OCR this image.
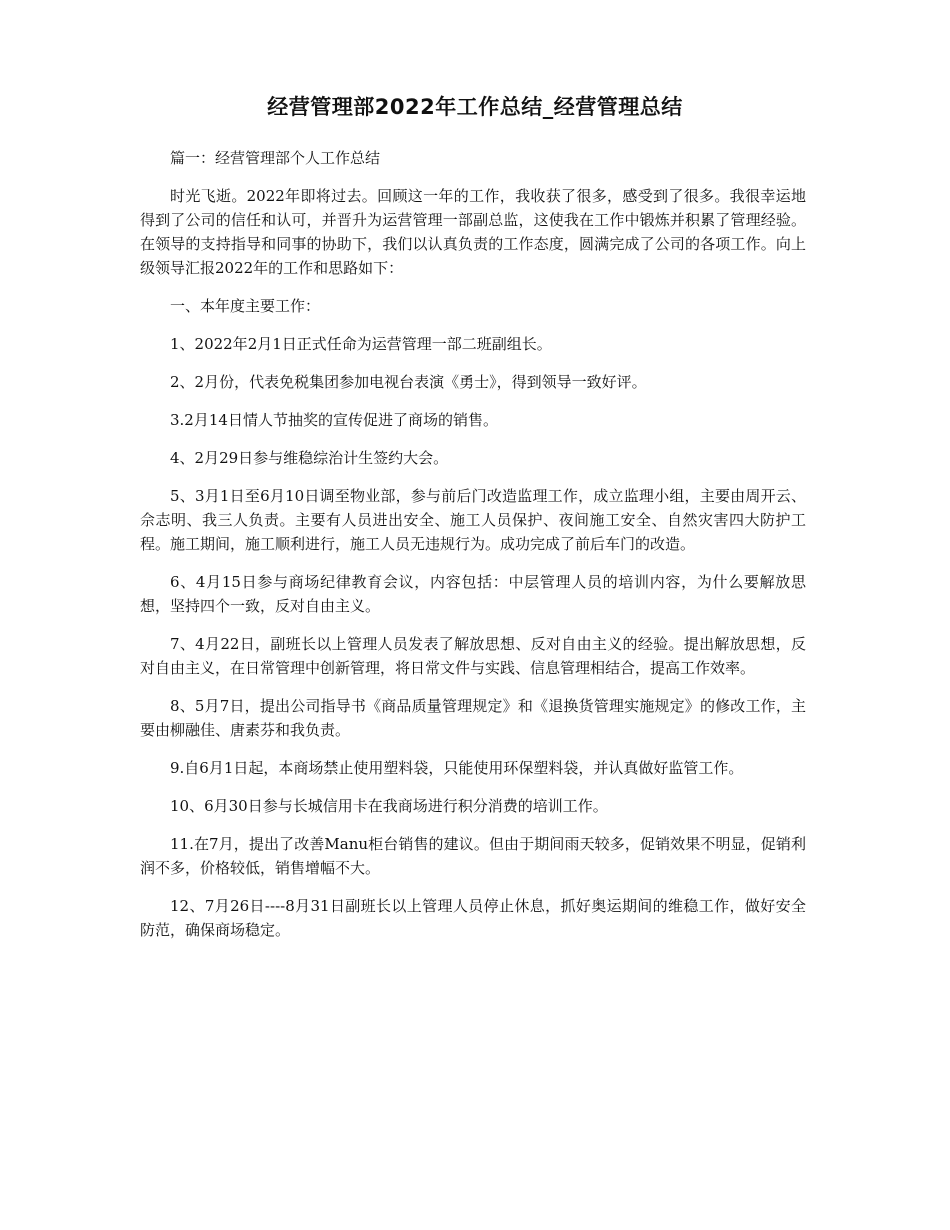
经营管理部2022年工作总结_经营管理总结

篇一：经营管理部个人工作总结

时光飞逝。2022年即将过去。回顾这一年的工作，我收获了很多，感受到了很多。我很幸运地得到了公司的信任和认可，并晋升为运营管理一部副总监，这使我在工作中锻炼并积累了管理经验。在领导的支持指导和同事的协助下，我们以认真负责的工作态度，圆满完成了公司的各项工作。向上级领导汇报2022年的工作和思路如下：

一、本年度主要工作：

1、2022年2月1日正式任命为运营管理一部二班副组长。

2、2月份，代表免税集团参加电视台表演《勇士》，得到领导一致好评。

3.2月14日情人节抽奖的宣传促进了商场的销售。

4、2月29日参与维稳综治计生签约大会。

5、3月1日至6月10日调至物业部，参与前后门改造监理工作，成立监理小组，主要由周开云、佘志明、我三人负责。主要有人员进出安全、施工人员保护、夜间施工安全、自然灾害四大防护工程。施工期间，施工顺利进行，施工人员无违规行为。成功完成了前后车门的改造。

6、4月15日参与商场纪律教育会议，内容包括：中层管理人员的培训内容，为什么要解放思想，坚持四个一致，反对自由主义。

7、4月22日，副班长以上管理人员发表了解放思想、反对自由主义的经验。提出解放思想，反对自由主义，在日常管理中创新管理，将日常文件与实践、信息管理相结合，提高工作效率。

8、5月7日，提出公司指导书《商品质量管理规定》和《退换货管理实施规定》的修改工作，主要由柳融佳、唐素芬和我负责。

9.自6月1日起，本商场禁止使用塑料袋，只能使用环保塑料袋，并认真做好监管工作。

10、6月30日参与长城信用卡在我商场进行积分消费的培训工作。

11.在7月，提出了改善Manu柜台销售的建议。但由于期间雨天较多，促销效果不明显，促销利润不多，价格较低，销售增幅不大。

12、7月26日----8月31日副班长以上管理人员停止休息，抓好奥运期间的维稳工作，做好安全防范，确保商场稳定。
